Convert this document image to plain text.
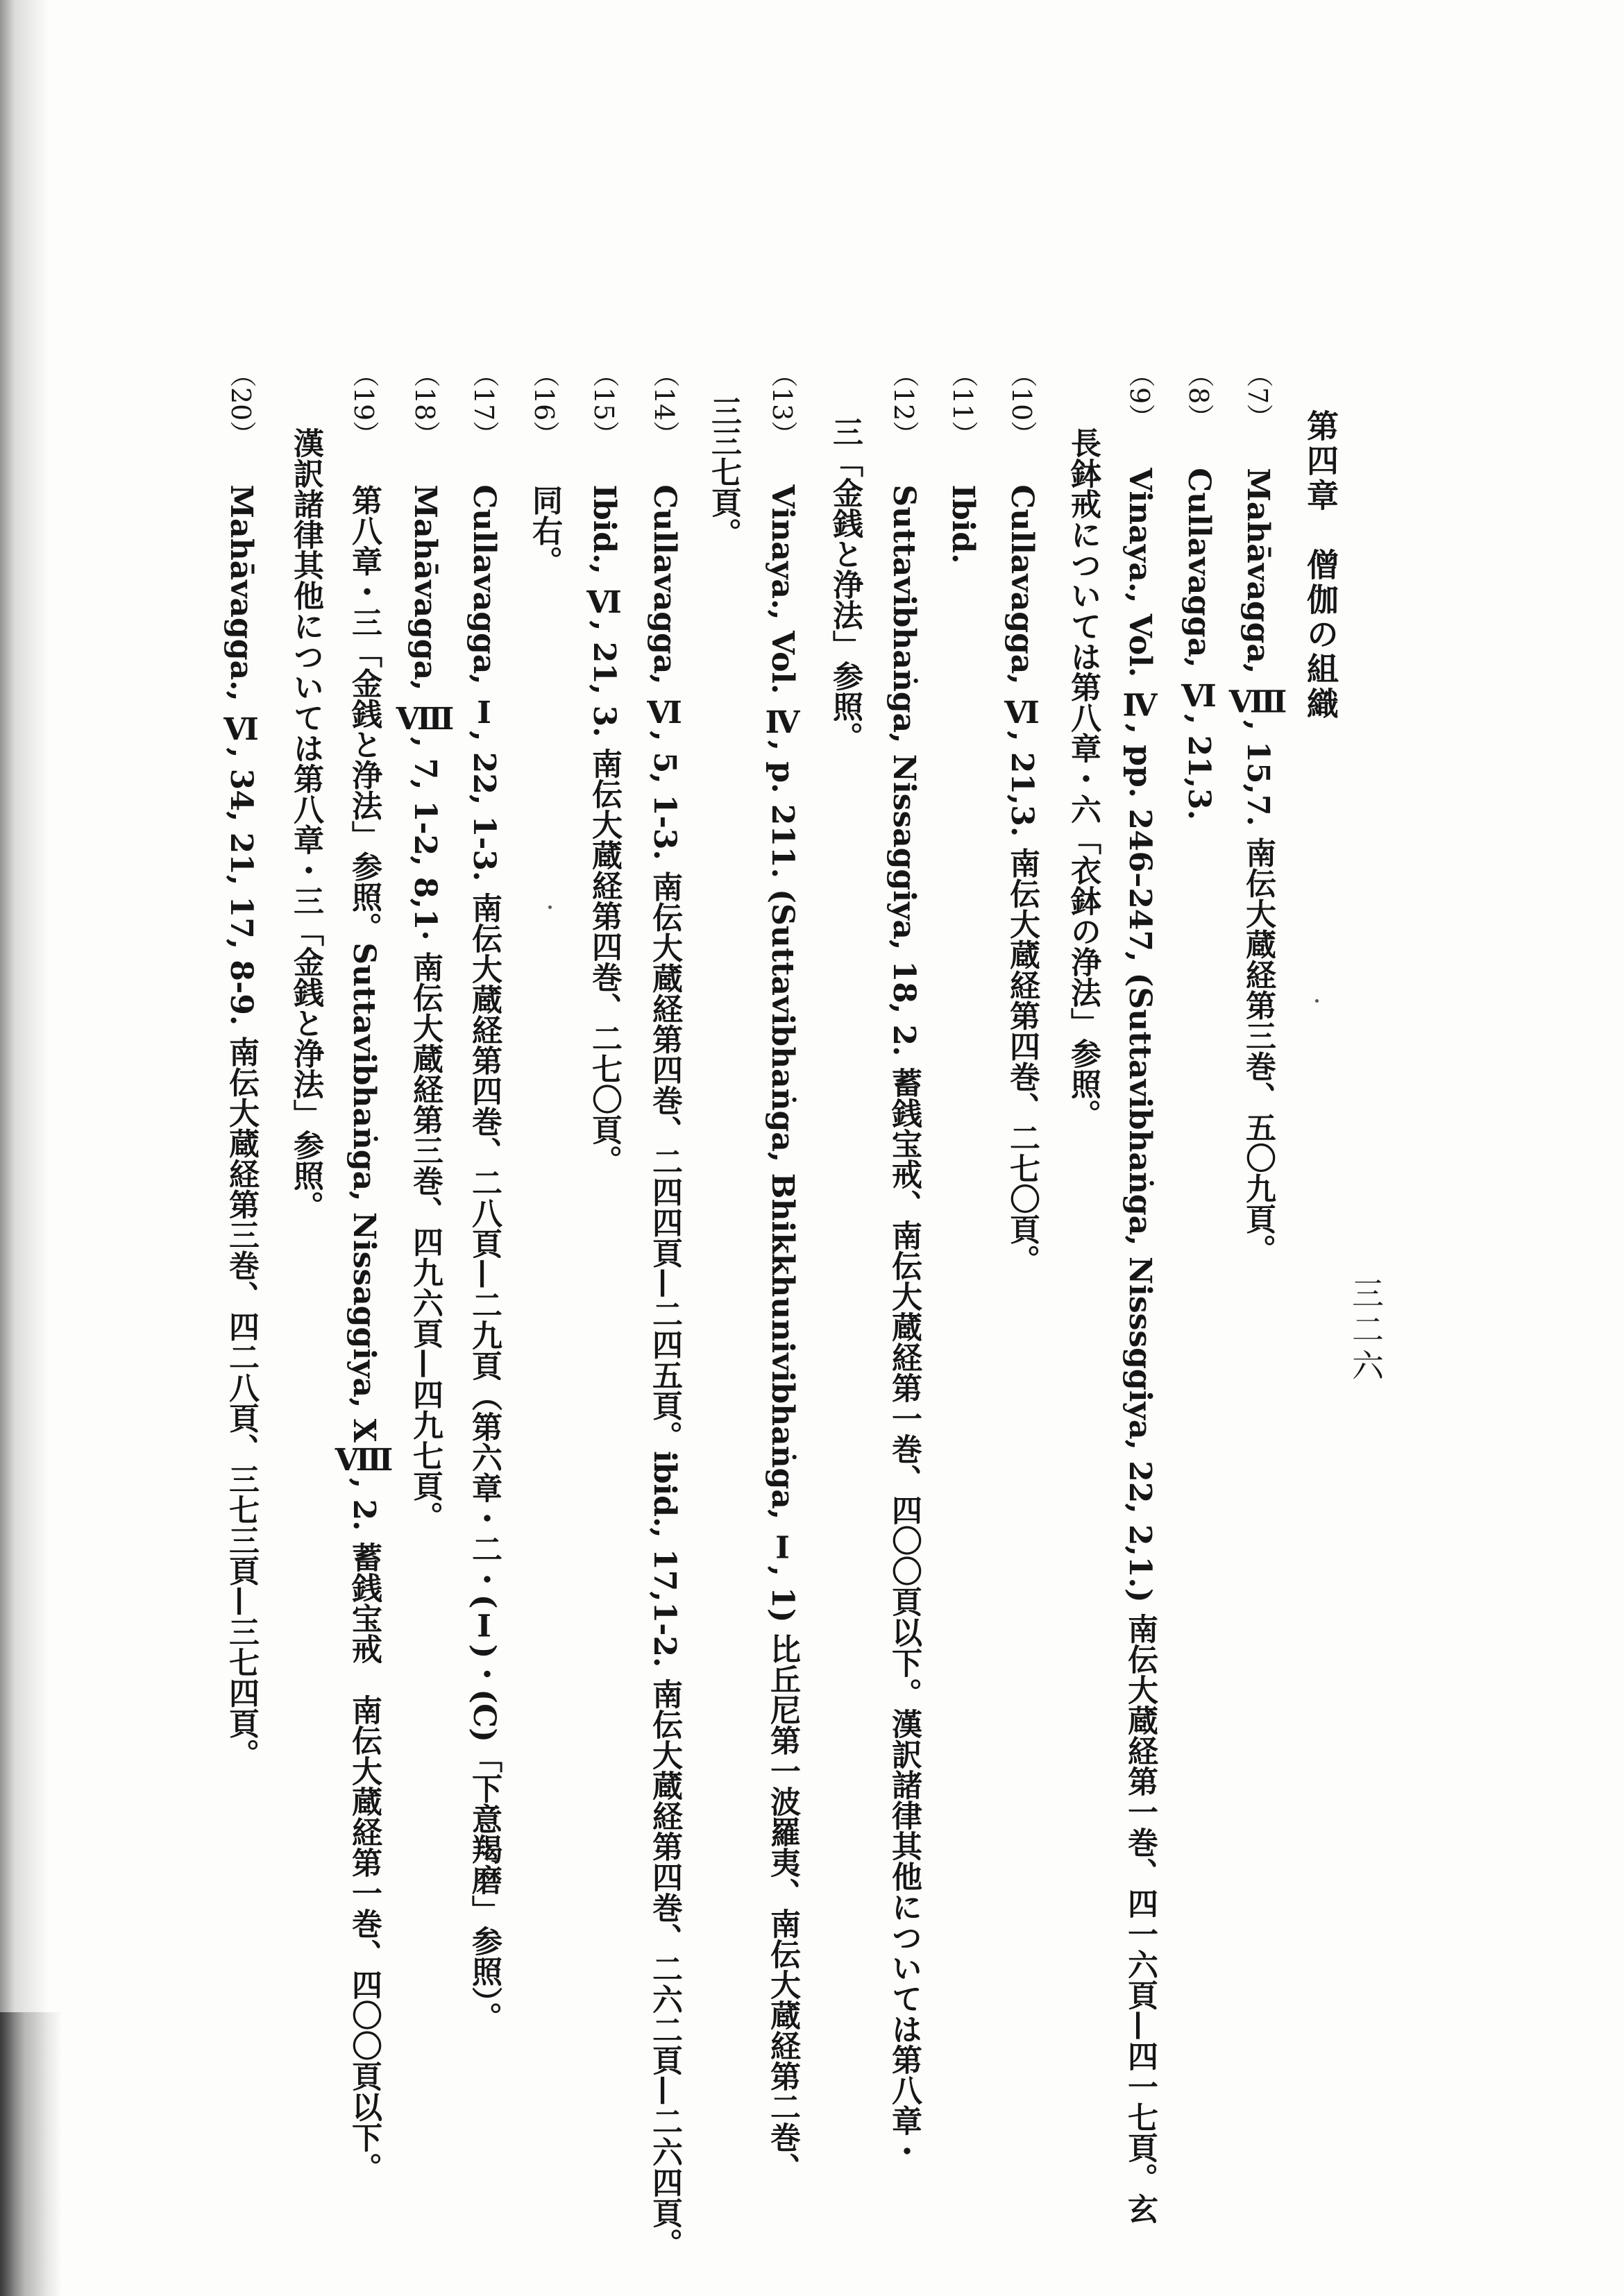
三二六
第四章　僧伽の組織
（7） Mahāvagga, Ⅷ, 15,7. 南伝大蔵経第三巻、五〇九頁。
（8） Cullavagga, Ⅵ, 21,3.
（9） Vinaya., Vol. Ⅳ, pp. 246–247, (Suttavibhaṅga, Nisssggiya, 22, 2,1.) 南伝大蔵経第一巻、四一六頁—四一七頁。玄
長鉢戒については第八章・六「衣鉢の浄法」参照。
（10） Cullavagga, Ⅵ, 21,3. 南伝大蔵経第四巻、二七〇頁。
（11） Ibid.
（12） Suttavibhaṅga, Nissaggiya, 18, 2. 蓄銭宝戒、南伝大蔵経第一巻、四〇〇頁以下。漢訳諸律其他については第八章・
三「金銭と浄法」参照。
（13） Vinaya., Vol. Ⅳ, p. 211. (Suttavibhaṅga, Bhikkhunivibhaṅga, Ⅰ, 1) 比丘尼第一波羅夷、南伝大蔵経第二巻、
三三七頁。
（14） Cullavagga, Ⅵ, 5, 1-3. 南伝大蔵経第四巻、二四四頁—二四五頁。ibid., 17,1-2. 南伝大蔵経第四巻、二六二頁—二六四頁。
（15） Ibid., Ⅵ, 21, 3. 南伝大蔵経第四巻、二七〇頁。
（16） 同右。
（17） Cullavagga, Ⅰ, 22, 1-3. 南伝大蔵経第四巻、二八頁—二九頁（第六章・二・(Ⅰ)・(C)「下意羯磨」参照）。
（18） Mahāvagga, Ⅷ, 7, 1-2, 8,1· 南伝大蔵経第三巻、四九六頁—四九七頁。
（19） 第八章・三「金銭と浄法」参照。Suttavibhaṅga, Nissaggiya, XⅧ, 2. 蓄銭宝戒　南伝大蔵経第一巻、四〇〇頁以下。
漢訳諸律其他については第八章・三「金銭と浄法」参照。
（20） Mahāvagga., Ⅵ, 34, 21, 17, 8-9. 南伝大蔵経第三巻、四二八頁、三七三頁—三七四頁。
